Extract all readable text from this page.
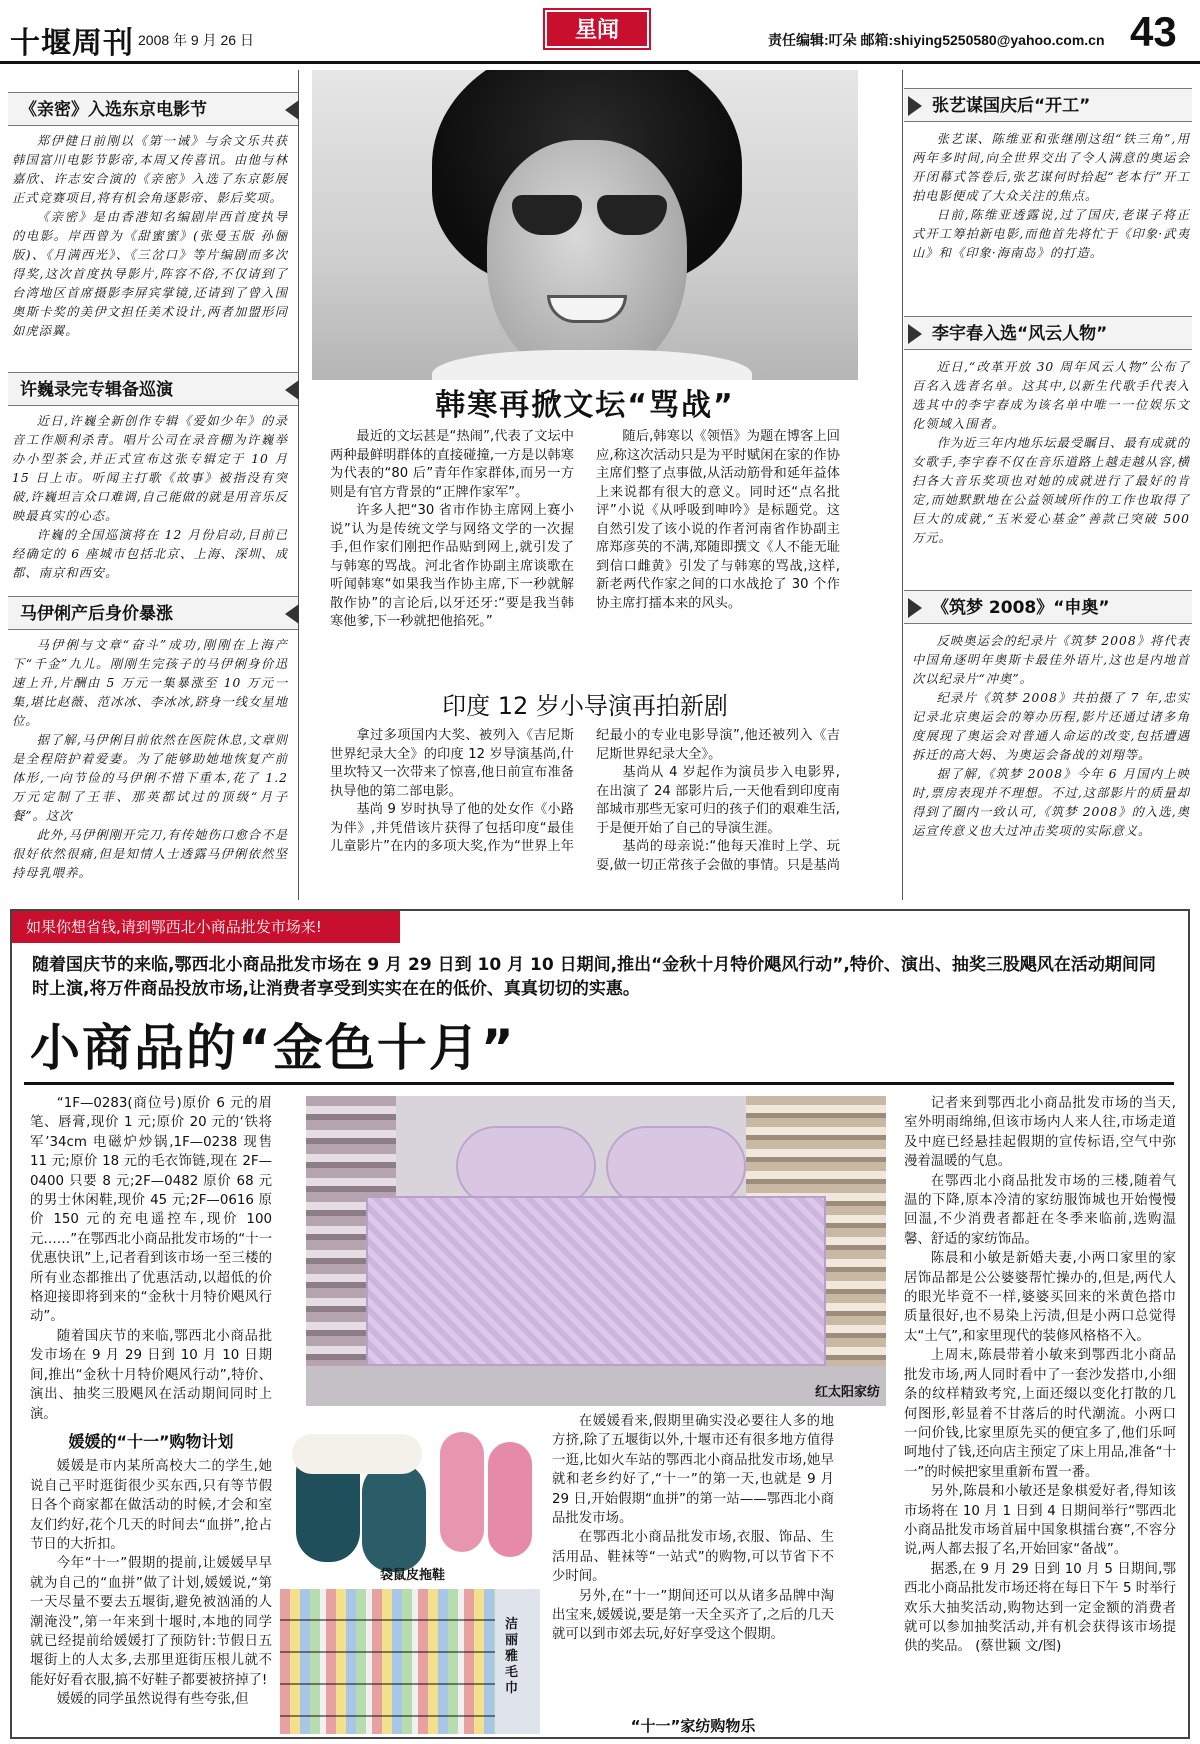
十堰周刊 2008 年 9 月 26 日	星闻	责任编辑:叮朵 邮箱:shiying5250580@yahoo.com.cn 43
《亲密》入选东京电影节

郑伊健日前刚以《第一诫》与余文乐共获韩国富川电影节影帝,本周又传喜讯。由他与林嘉欣、许志安合演的《亲密》入选了东京影展正式竞赛项目,将有机会角逐影帝、影后奖项。

《亲密》是由香港知名编剧岸西首度执导的电影。岸西曾为《甜蜜蜜》(张曼玉版 孙俪版)、《月满西光》、《三岔口》等片编剧而多次得奖,这次首度执导影片,阵容不俗,不仅请到了台湾地区首席摄影李屏宾掌镜,还请到了曾入围奥斯卡奖的美伊文担任美术设计,两者加盟形同如虎添翼。

许巍录完专辑备巡演

近日,许巍全新创作专辑《爱如少年》的录音工作顺利杀青。唱片公司在录音棚为许巍举办小型茶会,并正式宣布这张专辑定于 10 月 15 日上市。听闻主打歌《故事》被指没有突破,许巍坦言众口难调,自己能做的就是用音乐反映最真实的心态。

许巍的全国巡演将在 12 月份启动,目前已经确定的 6 座城市包括北京、上海、深圳、成都、南京和西安。

马伊俐产后身价暴涨

马伊俐与文章“奋斗”成功,刚刚在上海产下“千金”九儿。刚刚生完孩子的马伊俐身价迅速上升,片酬由 5 万元一集暴涨至 10 万元一集,堪比赵薇、范冰冰、李冰冰,跻身一线女星地位。

据了解,马伊俐目前依然在医院休息,文章则是全程陪护着爱妻。为了能够助她地恢复产前体形,一向节俭的马伊俐不惜下重本,花了 1.2 万元定制了王菲、那英都试过的顶级“月子餐”。这次

此外,马伊俐刚开完刀,有传她伤口愈合不是很好依然很痛,但是知情人士透露马伊俐依然坚持母乳喂养。

张艺谋国庆后“开工”

张艺谋、陈维亚和张继刚这组“铁三角”,用两年多时间,向全世界交出了令人满意的奥运会开闭幕式答卷后,张艺谋何时拾起“老本行”开工拍电影便成了大众关注的焦点。

日前,陈维亚透露说,过了国庆,老谋子将正式开工筹拍新电影,而他首先将忙于《印象·武夷山》和《印象·海南岛》的打造。

李宇春入选“风云人物”

近日,“改革开放 30 周年风云人物”公布了百名入选者名单。这其中,以新生代歌手代表入选其中的李宇春成为该名单中唯一一位娱乐文化领域入围者。

作为近三年内地乐坛最受瞩目、最有成就的女歌手,李宇春不仅在音乐道路上越走越从容,横扫各大音乐奖项也对她的成就进行了最好的肯定,而她默默地在公益领域所作的工作也取得了巨大的成就,“玉米爱心基金”善款已突破 500 万元。

《筑梦 2008》“申奥”

反映奥运会的纪录片《筑梦 2008》将代表中国角逐明年奥斯卡最佳外语片,这也是内地首次以纪录片“冲奥”。

纪录片《筑梦 2008》共拍摄了 7 年,忠实记录北京奥运会的筹办历程,影片还通过诸多角度展现了奥运会对普通人命运的改变,包括遭遇拆迁的高大妈、为奥运会备战的刘翔等。

据了解,《筑梦 2008》今年 6 月国内上映时,票房表现并不理想。不过,这部影片的质量却得到了圈内一致认可,《筑梦 2008》的入选,奥运宣传意义也大过冲击奖项的实际意义。

韩寒再掀文坛“骂战”

最近的文坛甚是“热闹”,代表了文坛中两种最鲜明群体的直接碰撞,一方是以韩寒为代表的“80 后”青年作家群体,而另一方则是有官方背景的“正牌作家军”。

许多人把“30 省市作协主席网上赛小说”认为是传统文学与网络文学的一次握手,但作家们刚把作品贴到网上,就引发了与韩寒的骂战。河北省作协副主席谈歌在听闻韩寒“如果我当作协主席,下一秒就解散作协”的言论后,以牙还牙:“要是我当韩寒他爹,下一秒就把他掐死。”

随后,韩寒以《领悟》为题在博客上回应,称这次活动只是为平时赋闲在家的作协主席们整了点事做,从活动筋骨和延年益体上来说都有很大的意义。同时还“点名批评”小说《从呼吸到呻吟》是标题党。这自然引发了该小说的作者河南省作协副主席郑彦英的不满,郑随即撰文《人不能无耻到信口雌黄》引发了与韩寒的骂战,这样,新老两代作家之间的口水战抢了 30 个作协主席打擂本来的风头。

印度 12 岁小导演再拍新剧

拿过多项国内大奖、被列入《吉尼斯世界纪录大全》的印度 12 岁导演基尚,什里坎特又一次带来了惊喜,他日前宣布准备执导他的第二部电影。

基尚 9 岁时执导了他的处女作《小路为伴》,并凭借该片获得了包括印度“最佳儿童影片”在内的多项大奖,作为“世界上年纪最小的专业电影导演”,他还被列入《吉尼斯世界纪录大全》。

基尚从 4 岁起作为演员步入电影界,在出演了 24 部影片后,一天他看到印度南部城市那些无家可归的孩子们的艰难生活,于是便开始了自己的导演生涯。

基尚的母亲说:“他每天准时上学、玩耍,做一切正常孩子会做的事情。只是基尚

如果你想省钱,请到鄂西北小商品批发市场来!
随着国庆节的来临,鄂西北小商品批发市场在 9 月 29 日到 10 月 10 日期间,推出“金秋十月特价飓风行动”,特价、演出、抽奖三股飓风在活动期间同时上演,将万件商品投放市场,让消费者享受到实实在在的低价、真真切切的实惠。
小商品的“金色十月”

“1F—0283(商位号)原价 6 元的眉笔、唇膏,现价 1 元;原价 20 元的‘铁将军’34cm 电磁炉炒锅,1F—0238 现售 11 元;原价 18 元的毛衣饰链,现在 2F—0400 只要 8 元;2F—0482 原价 68 元的男士休闲鞋,现价 45 元;2F—0616 原价 150 元的充电遥控车,现价 100 元……”在鄂西北小商品批发市场的“十一优惠快讯”上,记者看到该市场一至三楼的所有业态都推出了优惠活动,以超低的价格迎接即将到来的“金秋十月特价飓风行动”。

随着国庆节的来临,鄂西北小商品批发市场在 9 月 29 日到 10 月 10 日期间,推出“金秋十月特价飓风行动”,特价、演出、抽奖三股飓风在活动期间同时上演。

媛媛的“十一”购物计划

媛媛是市内某所高校大二的学生,她说自己平时逛街很少买东西,只有等节假日各个商家都在做活动的时候,才会和室友们约好,花个几天的时间去“血拼”,抢占节日的大折扣。

今年“十一”假期的提前,让媛媛早早就为自己的“血拼”做了计划,媛媛说,“第一天尽量不要去五堰街,避免被汹涌的人潮淹没”,第一年来到十堰时,本地的同学就已经提前给媛媛打了预防针:节假日五堰街上的人太多,去那里逛街压根儿就不能好好看衣服,搞不好鞋子都要被挤掉了!

媛媛的同学虽然说得有些夸张,但

红太阳家纺
袋鼠皮拖鞋
洁丽雅毛巾

在媛媛看来,假期里确实没必要往人多的地方挤,除了五堰街以外,十堰市还有很多地方值得一逛,比如火车站的鄂西北小商品批发市场,她早就和老乡约好了,“十一”的第一天,也就是 9 月 29 日,开始假期“血拼”的第一站——鄂西北小商品批发市场。

在鄂西北小商品批发市场,衣服、饰品、生活用品、鞋袜等“一站式”的购物,可以节省下不少时间。

另外,在“十一”期间还可以从诸多品牌中淘出宝来,媛媛说,要是第一天全买齐了,之后的几天就可以到市郊去玩,好好享受这个假期。

“十一”家纺购物乐

记者来到鄂西北小商品批发市场的当天,室外明雨绵绵,但该市场内人来人往,市场走道及中庭已经悬挂起假期的宣传标语,空气中弥漫着温暖的气息。

在鄂西北小商品批发市场的三楼,随着气温的下降,原本冷清的家纺服饰城也开始慢慢回温,不少消费者都赶在冬季来临前,选购温馨、舒适的家纺饰品。

陈晨和小敏是新婚夫妻,小两口家里的家居饰品都是公公婆婆帮忙操办的,但是,两代人的眼光毕竟不一样,婆婆买回来的米黄色搭巾质量很好,也不易染上污渍,但是小两口总觉得太“土气”,和家里现代的装修风格格不入。

上周末,陈晨带着小敏来到鄂西北小商品批发市场,两人同时看中了一套沙发搭巾,小细条的纹样精致考究,上面还缀以变化打散的几何图形,彰显着不甘落后的时代潮流。小两口一问价钱,比家里原先买的便宜多了,他们乐呵呵地付了钱,还向店主预定了床上用品,准备“十一”的时候把家里重新布置一番。

另外,陈晨和小敏还是象棋爱好者,得知该市场将在 10 月 1 日到 4 日期间举行“鄂西北小商品批发市场首届中国象棋擂台赛”,不容分说,两人都去报了名,开始回家“备战”。

据悉,在 9 月 29 日到 10 月 5 日期间,鄂西北小商品批发市场还将在每日下午 5 时举行欢乐大抽奖活动,购物达到一定金额的消费者就可以参加抽奖活动,并有机会获得该市场提供的奖品。 (蔡世颖 文/图)
